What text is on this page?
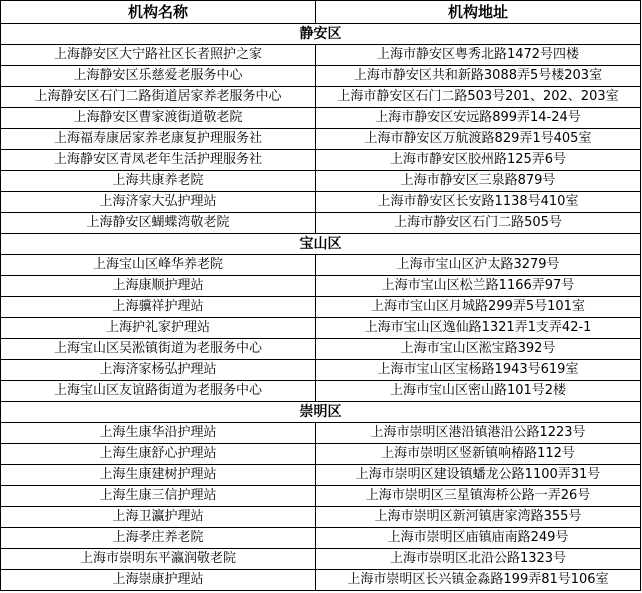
机构名称	机构地址
静安区	
上海静安区大宁路社区长者照护之家	上海市静安区粤秀北路1472号四楼
上海静安区乐慈爱老服务中心	上海市静安区共和新路3088弄5号楼203室
上海静安区石门二路街道居家养老服务中心	上海市静安区石门二路503号201、202、203室
上海静安区曹家渡街道敬老院	上海市静安区安远路899弄14-24号
上海福寿康居家养老康复护理服务社	上海市静安区万航渡路829弄1号405室
上海静安区青凤老年生活护理服务社	上海市静安区胶州路125弄6号
上海共康养老院	上海市静安区三泉路879号
上海济家大弘护理站	上海市静安区长安路1138号410室
上海静安区蝴蝶湾敬老院	上海市静安区石门二路505号
宝山区	
上海宝山区峰华养老院	上海市宝山区沪太路3279号
上海康顺护理站	上海市宝山区松兰路1166弄97号
上海骥祥护理站	上海市宝山区月城路299弄5号101室
上海护礼家护理站	上海市宝山区逸仙路1321弄1支弄42-1
上海宝山区吴淞镇街道为老服务中心	上海市宝山区淞宝路392号
上海济家杨弘护理站	上海市宝山区宝杨路1943号619室
上海宝山区友谊路街道为老服务中心	上海市宝山区密山路101号2楼
崇明区	
上海生康华沿护理站	上海市崇明区港沿镇港沿公路1223号
上海生康舒心护理站	上海市崇明区竖新镇响椿路112号
上海生康建树护理站	上海市崇明区建设镇蟠龙公路1100弄31号
上海生康三信护理站	上海市崇明区三星镇海桥公路一弄26号
上海卫瀛护理站	上海市崇明区新河镇唐家湾路355号
上海孝庄养老院	上海市崇明区庙镇庙南路249号
上海市崇明东平瀛润敬老院	上海市崇明区北沿公路1323号
上海崇康护理站	上海市崇明区长兴镇金淼路199弄81号106室
